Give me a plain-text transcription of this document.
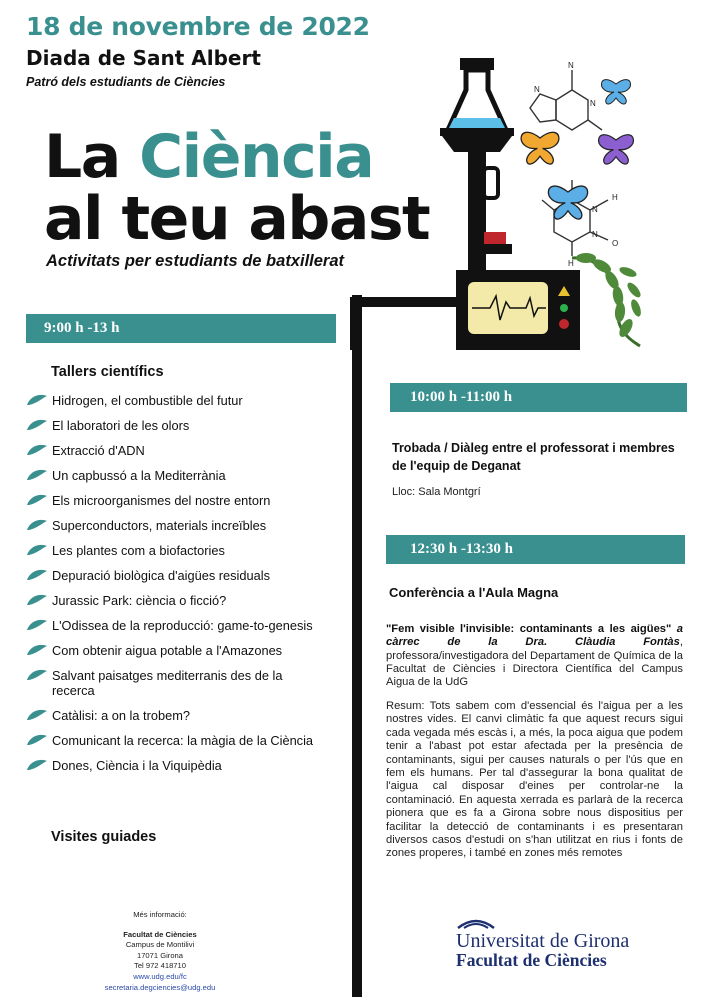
18 de novembre de 2022
Diada de Sant Albert
Patró dels estudiants de Ciències
La Ciència
al teu abast
Activitats per estudiants de batxillerat
N
N
N
N
H
N
H
O
9:00 h -13 h
Tallers científics
Hidrogen, el combustible del futur
El laboratori de les olors
Extracció d'ADN
Un capbussó a la Mediterrània
Els microorganismes del nostre entorn
Superconductors, materials increïbles
Les plantes com a biofactories
Depuració biològica d'aigües residuals
Jurassic Park: ciència o ficció?
L'Odissea de la reproducció: game-to-genesis
Com obtenir aigua potable a l'Amazones
Salvant paisatges mediterranis des de la recerca
Catàlisi: a on la trobem?
Comunicant la recerca: la màgia de la Ciència
Dones, Ciència i la Viquipèdia
Visites guiades
Més informació:
Facultat de Ciències
Campus de Montilivi
17071 Girona
Tel 972 418710
www.udg.edu/fc
secretaria.degciencies@udg.edu
10:00 h -11:00 h
Trobada / Diàleg entre el professorat i membres de l'equip de Deganat
Lloc: Sala Montgrí
12:30 h -13:30 h
Conferència a l'Aula Magna
"Fem visible l'invisible: contaminants a les aigües" a càrrec de la Dra. Clàudia Fontàs, professora/investigadora del Departament de Química de la Facultat de Ciències i Directora Científica del Campus Aigua de la UdG
Resum: Tots sabem com d'essencial és l'aigua per a les nostres vides. El canvi climàtic fa que aquest recurs sigui cada vegada més escàs i, a més, la poca aigua que podem tenir a l'abast pot estar afectada per la presència de contaminants, sigui per causes naturals o per l'ús que en fem els humans. Per tal d'assegurar la bona qualitat de l'aigua cal disposar d'eines per controlar-ne la contaminació. En aquesta xerrada es parlarà de la recerca pionera que es fa a Girona sobre nous dispositius per facilitar la detecció de contaminants i es presentaran diversos casos d'estudi on s'han utilitzat en rius i fonts de zones properes, i també en zones més remotes
Universitat de Girona
Facultat de Ciències
